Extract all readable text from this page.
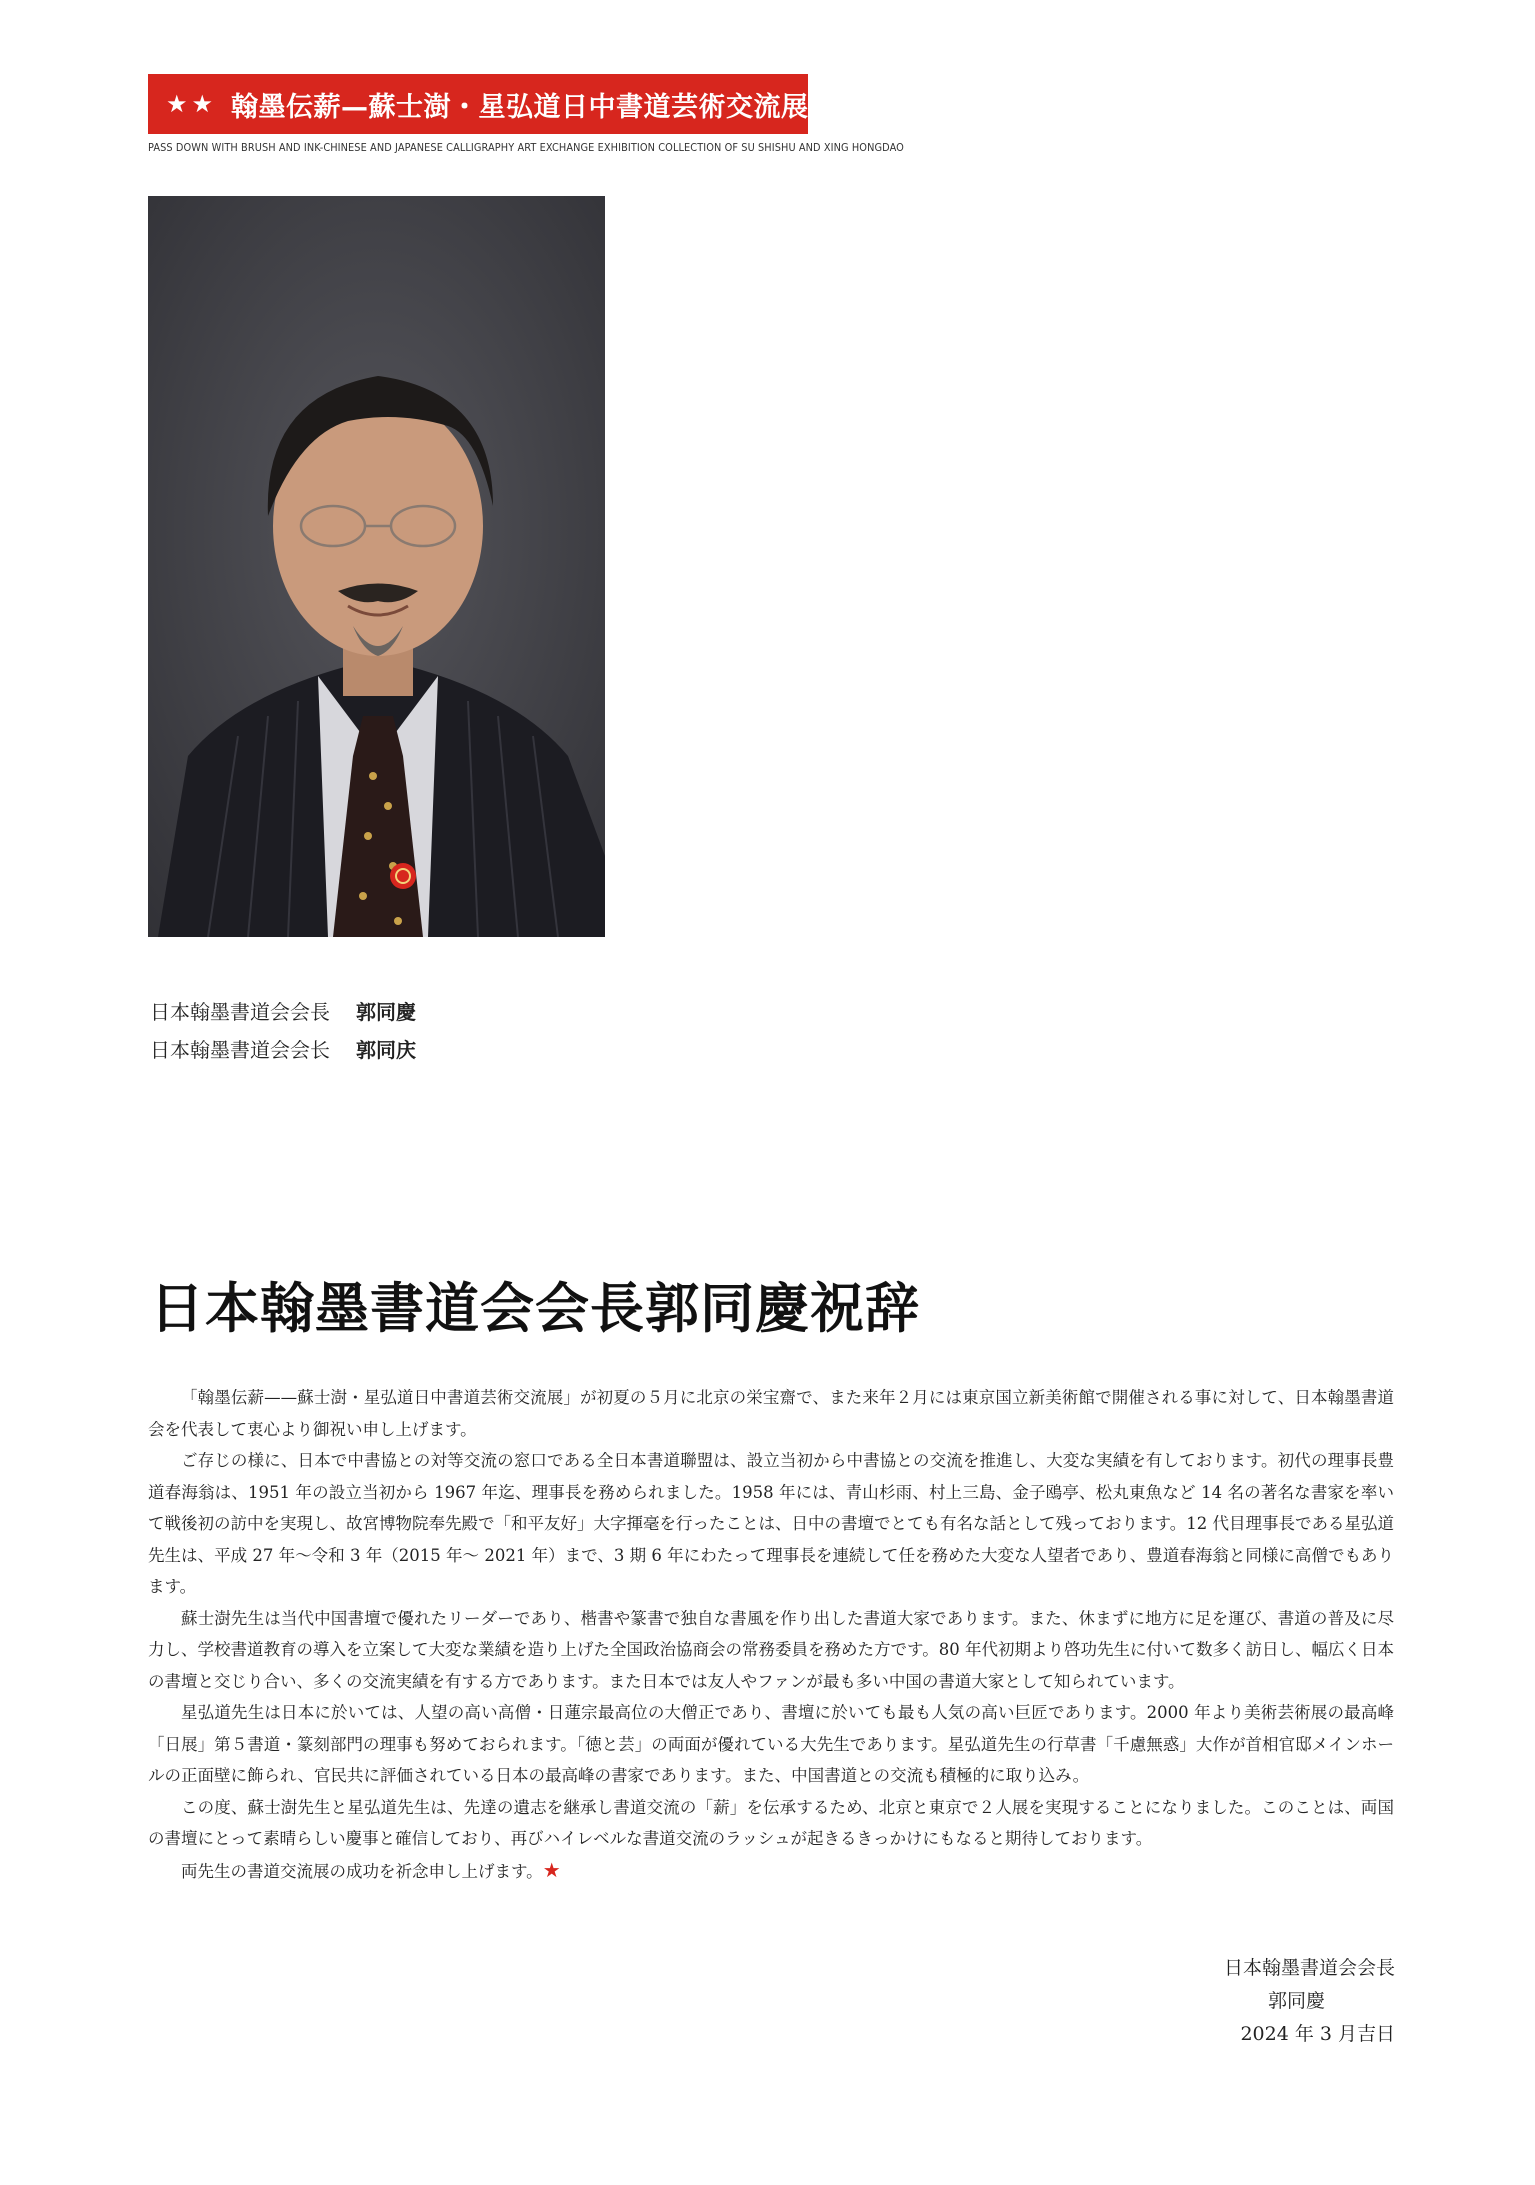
★★ 翰墨伝薪—蘇士澍・星弘道日中書道芸術交流展作品集
PASS DOWN WITH BRUSH AND INK-CHINESE AND JAPANESE CALLIGRAPHY ART EXCHANGE EXHIBITION COLLECTION OF SU SHISHU AND XING HONGDAO
日本翰墨書道会会長 郭同慶
日本翰墨書道会会长 郭同庆
日本翰墨書道会会長郭同慶祝辞

「翰墨伝薪——蘇士澍・星弘道日中書道芸術交流展」が初夏の５月に北京の栄宝齋で、また来年２月には東京国立新美術館で開催される事に対して、日本翰墨書道会を代表して衷心より御祝い申し上げます。

ご存じの様に、日本で中書協との対等交流の窓口である全日本書道聯盟は、設立当初から中書協との交流を推進し、大変な実績を有しております。初代の理事長豊道春海翁は、1951 年の設立当初から 1967 年迄、理事長を務められました。1958 年には、青山杉雨、村上三島、金子鴎亭、松丸東魚など 14 名の著名な書家を率いて戦後初の訪中を実現し、故宮博物院奉先殿で「和平友好」大字揮毫を行ったことは、日中の書壇でとても有名な話として残っております。12 代目理事長である星弘道先生は、平成 27 年～令和 3 年（2015 年～ 2021 年）まで、3 期 6 年にわたって理事長を連続して任を務めた大変な人望者であり、豊道春海翁と同様に高僧でもあります。

蘇士澍先生は当代中国書壇で優れたリーダーであり、楷書や篆書で独自な書風を作り出した書道大家であります。また、休まずに地方に足を運び、書道の普及に尽力し、学校書道教育の導入を立案して大変な業績を造り上げた全国政治協商会の常務委員を務めた方です。80 年代初期より啓功先生に付いて数多く訪日し、幅広く日本の書壇と交じり合い、多くの交流実績を有する方であります。また日本では友人やファンが最も多い中国の書道大家として知られています。

星弘道先生は日本に於いては、人望の高い高僧・日蓮宗最高位の大僧正であり、書壇に於いても最も人気の高い巨匠であります。2000 年より美術芸術展の最高峰「日展」第５書道・篆刻部門の理事も努めておられます。「徳と芸」の両面が優れている大先生であります。星弘道先生の行草書「千慮無惑」大作が首相官邸メインホールの正面壁に飾られ、官民共に評価されている日本の最高峰の書家であります。また、中国書道との交流も積極的に取り込み。

この度、蘇士澍先生と星弘道先生は、先達の遺志を継承し書道交流の「薪」を伝承するため、北京と東京で２人展を実現することになりました。このことは、両国の書壇にとって素晴らしい慶事と確信しており、再びハイレベルな書道交流のラッシュが起きるきっかけにもなると期待しております。

両先生の書道交流展の成功を祈念申し上げます。★

日本翰墨書道会会長
郭同慶
2024 年 3 月吉日
